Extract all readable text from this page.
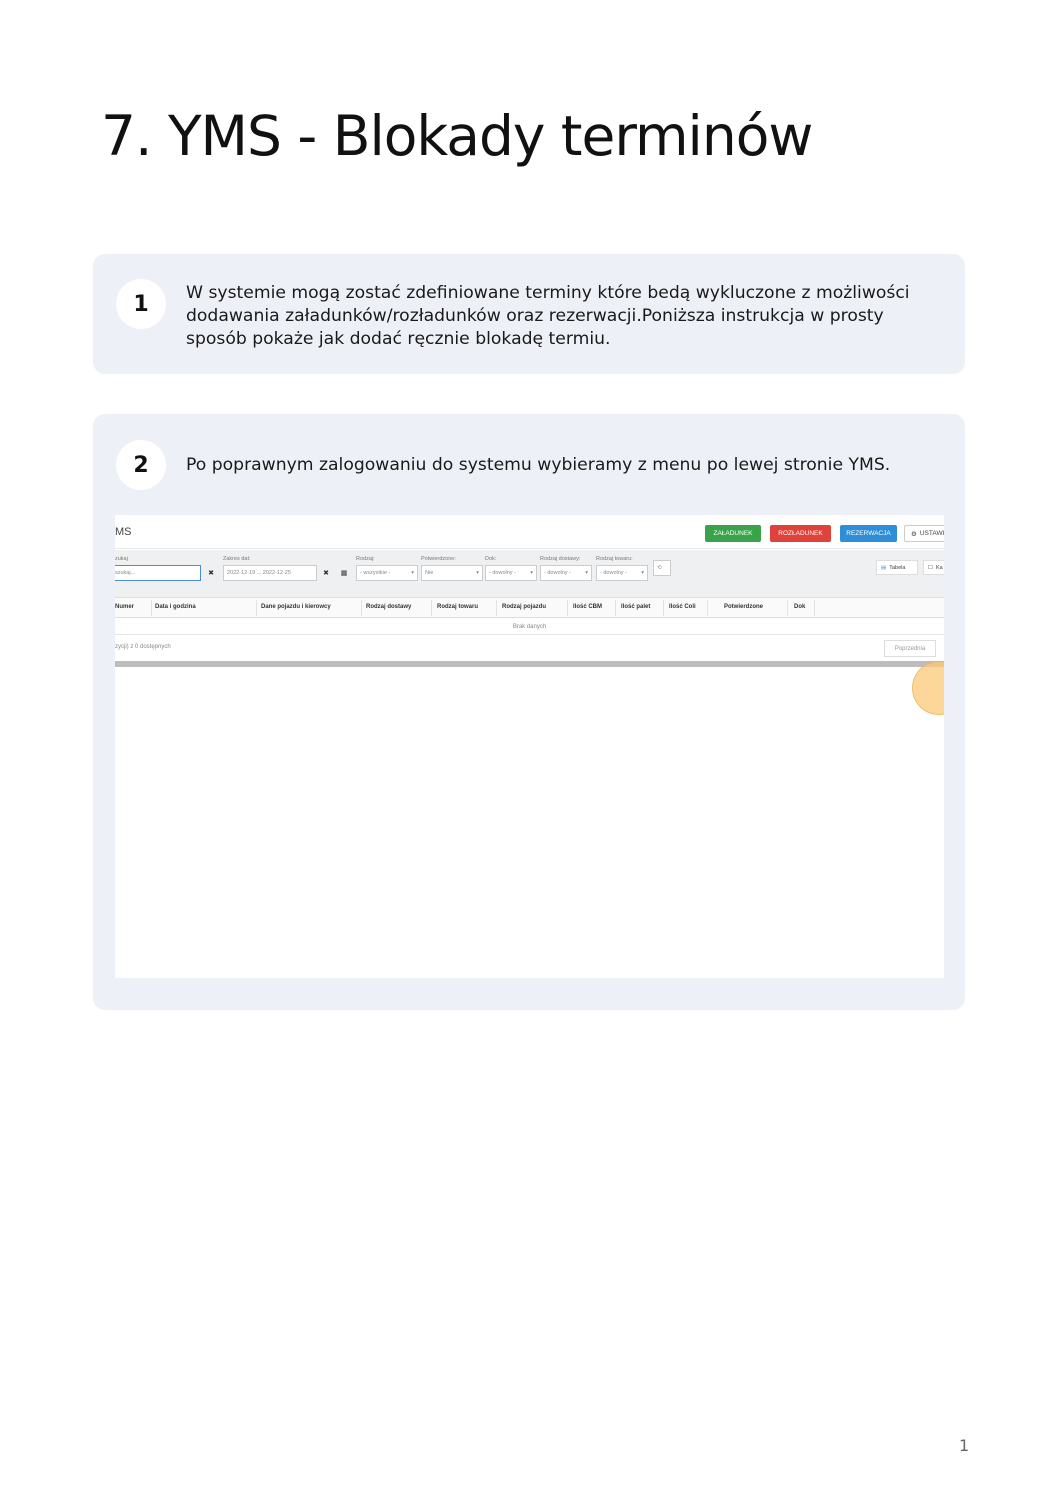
7. YMS - Blokady terminów
1	W systemie mogą zostać zdefiniowane terminy które bedą wykluczone z możliwości dodawania załadunków/rozładunków oraz rezerwacji.Poniższa instrukcja w prosty sposób pokaże jak dodać ręcznie blokadę termiu.

2	Po poprawnym zalogowaniu do systemu wybieramy z menu po lewej stronie YMS.

MS	ZAŁADUNEK	ROZŁADUNEK	REZERWACJA	⚙ USTAWI
zukaj
szukaj...	✖
Zakres dat:
2022-12-19 ... 2022-12-25	✖	▦
Rodzaj:
- wszystkie -	▾
Potwierdzone:
Nie	▾
Dok:
- dowolny -	▾
Rodzaj dostawy:
- dowolny -	▾
Rodzaj towaru:
- dowolny -	▾
⟲	▤ Tabela	☐ Ka
Numer	Data i godzina	Dane pojazdu i kierowcy	Rodzaj dostawy	Rodzaj towaru	Rodzaj pojazdu	Ilość CBM	Ilość palet	Ilość Coli	Potwierdzone	Dok
Brak danych
zycji) z 0 dostępnych	Poprzednia
1
